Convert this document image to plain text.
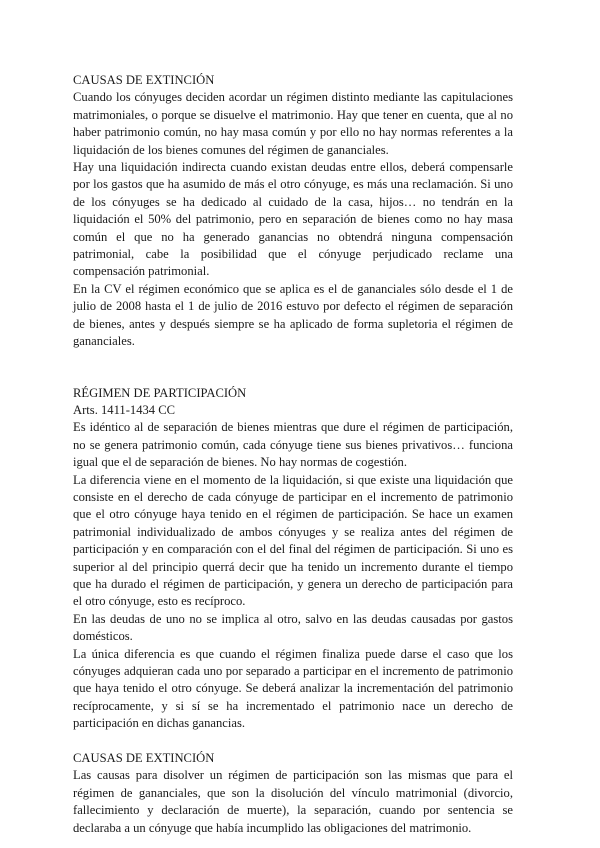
CAUSAS DE EXTINCIÓN

Cuando los cónyuges deciden acordar un régimen distinto mediante las capitulaciones matrimoniales, o porque se disuelve el matrimonio. Hay que tener en cuenta, que al no haber patrimonio común, no hay masa común y por ello no hay normas referentes a la liquidación de los bienes comunes del régimen de gananciales.

Hay una liquidación indirecta cuando existan deudas entre ellos, deberá compensarle por los gastos que ha asumido de más el otro cónyuge, es más una reclamación. Si uno de los cónyuges se ha dedicado al cuidado de la casa, hijos… no tendrán en la liquidación el 50% del patrimonio, pero en separación de bienes como no hay masa común el que no ha generado ganancias no obtendrá ninguna compensación patrimonial, cabe la posibilidad que el cónyuge perjudicado reclame una compensación patrimonial.

En la CV el régimen económico que se aplica es el de gananciales sólo desde el 1 de julio de 2008 hasta el 1 de julio de 2016 estuvo por defecto el régimen de separación de bienes, antes y después siempre se ha aplicado de forma supletoria el régimen de gananciales.

RÉGIMEN DE PARTICIPACIÓN
Arts. 1411-1434 CC

Es idéntico al de separación de bienes mientras que dure el régimen de participación, no se genera patrimonio común, cada cónyuge tiene sus bienes privativos… funciona igual que el de separación de bienes. No hay normas de cogestión.

La diferencia viene en el momento de la liquidación, si que existe una liquidación que consiste en el derecho de cada cónyuge de participar en el incremento de patrimonio que el otro cónyuge haya tenido en el régimen de participación. Se hace un examen patrimonial individualizado de ambos cónyuges y se realiza antes del régimen de participación y en comparación con el del final del régimen de participación. Si uno es superior al del principio querrá decir que ha tenido un incremento durante el tiempo que ha durado el régimen de participación, y genera un derecho de participación para el otro cónyuge, esto es recíproco.

En las deudas de uno no se implica al otro, salvo en las deudas causadas por gastos domésticos.

La única diferencia es que cuando el régimen finaliza puede darse el caso que los cónyuges adquieran cada uno por separado a participar en el incremento de patrimonio que haya tenido el otro cónyuge. Se deberá analizar la incrementación del patrimonio recíprocamente, y si sí se ha incrementado el patrimonio nace un derecho de participación en dichas ganancias.

CAUSAS DE EXTINCIÓN

Las causas para disolver un régimen de participación son las mismas que para el régimen de gananciales, que son la disolución del vínculo matrimonial (divorcio, fallecimiento y declaración de muerte), la separación, cuando por sentencia se declaraba a un cónyuge que había incumplido las obligaciones del matrimonio.
